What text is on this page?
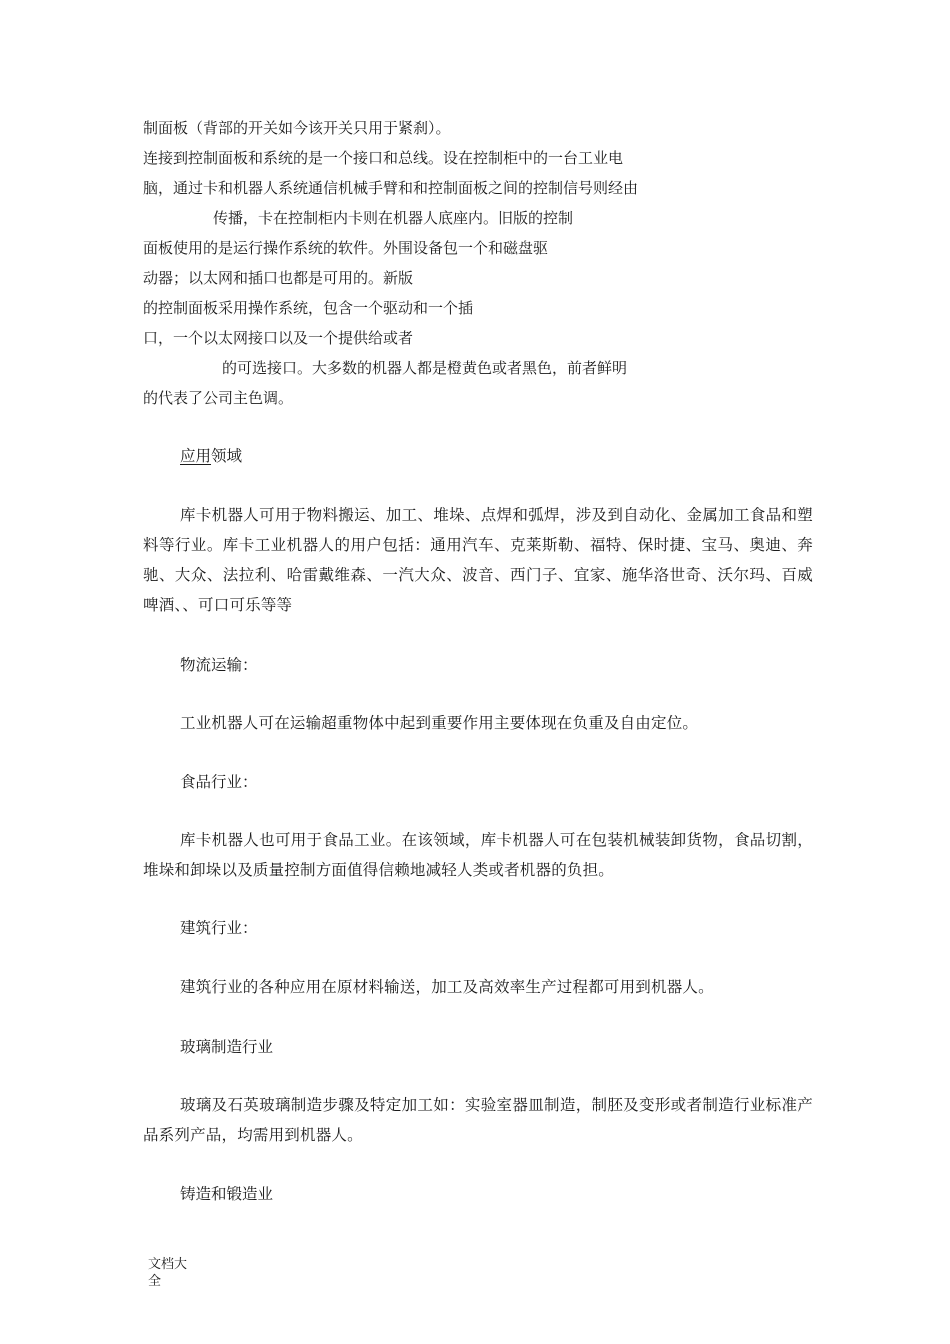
制面板（背部的开关如今该开关只用于紧刹）。
连接到控制面板和系统的是一个接口和总线。设在控制柜中的一台工业电
脑，通过卡和机器人系统通信机械手臂和和控制面板之间的控制信号则经由
传播，卡在控制柜内卡则在机器人底座内。旧版的控制
面板使用的是运行操作系统的软件。外围设备包一个和磁盘驱
动器；以太网和插口也都是可用的。新版
的控制面板采用操作系统，包含一个驱动和一个插
口，一个以太网接口以及一个提供给或者
的可选接口。大多数的机器人都是橙黄色或者黑色，前者鲜明
的代表了公司主色调。
应用领域
库卡机器人可用于物料搬运、加工、堆垛、点焊和弧焊，涉及到自动化、金属加工食品和塑料等行业。库卡工业机器人的用户包括：通用汽车、克莱斯勒、福特、保时捷、宝马、奥迪、奔驰、大众、法拉利、哈雷戴维森、一汽大众、波音、西门子、宜家、施华洛世奇、沃尔玛、百威啤酒、、可口可乐等等
物流运输：
工业机器人可在运输超重物体中起到重要作用主要体现在负重及自由定位。
食品行业：
库卡机器人也可用于食品工业。在该领域，库卡机器人可在包装机械装卸货物，食品切割，堆垛和卸垛以及质量控制方面值得信赖地减轻人类或者机器的负担。
建筑行业：
建筑行业的各种应用在原材料输送，加工及高效率生产过程都可用到机器人。
玻璃制造行业
玻璃及石英玻璃制造步骤及特定加工如：实验室器皿制造，制胚及变形或者制造行业标准产品系列产品，均需用到机器人。
铸造和锻造业
文档大全
